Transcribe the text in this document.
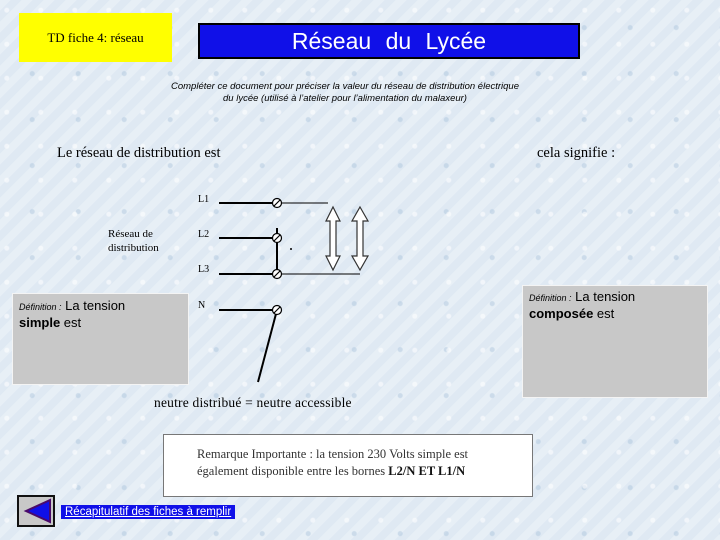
TD fiche 4: réseau	Réseau du Lycée
Compléter ce document pour préciser la valeur du réseau de distribution électrique
du lycée (utilisé à l’atelier pour l’alimentation du malaxeur)
Le réseau de distribution est	cela signifie :
Réseau de
distribution
L1
L2
L3
N
Définition : La tension
simple est
Définition : La tension
composée est
neutre distribué = neutre accessible
Remarque Importante : la tension 230 Volts simple est
également disponible entre les bornes L2/N ET L1/N
Récapitulatif des fiches à remplir
